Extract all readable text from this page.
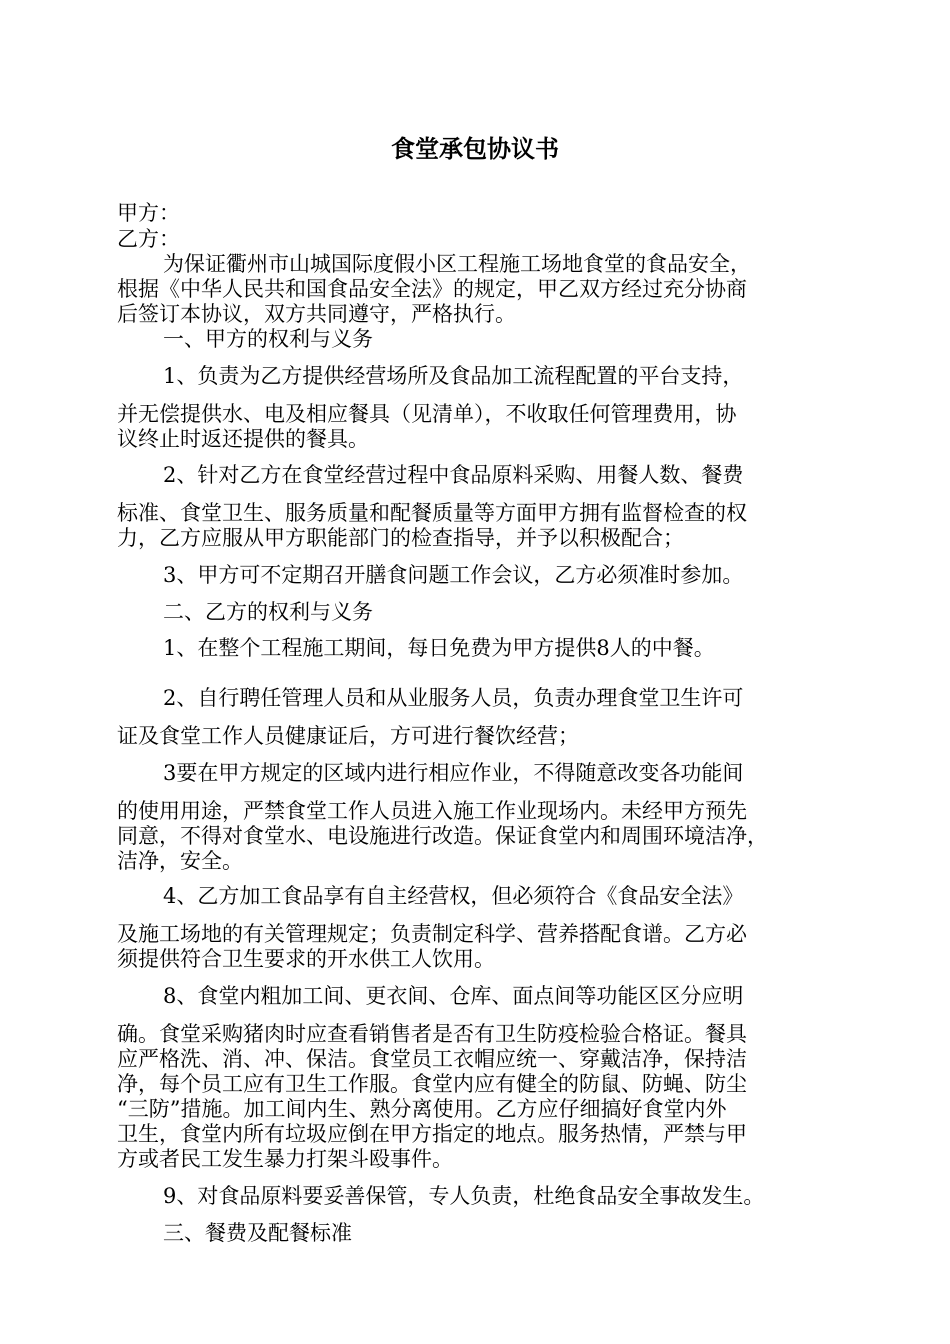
食堂承包协议书
甲方：
乙方：
为保证衢州市山城国际度假小区工程施工场地食堂的食品安全，
根据《中华人民共和国食品安全法》的规定，甲乙双方经过充分协商
后签订本协议，双方共同遵守，严格执行。
一、甲方的权利与义务
1、负责为乙方提供经营场所及食品加工流程配置的平台支持，
并无偿提供水、电及相应餐具（见清单），不收取任何管理费用，协
议终止时返还提供的餐具。
2、针对乙方在食堂经营过程中食品原料采购、用餐人数、餐费
标准、食堂卫生、服务质量和配餐质量等方面甲方拥有监督检查的权
力，乙方应服从甲方职能部门的检查指导，并予以积极配合；
3、甲方可不定期召开膳食问题工作会议，乙方必须准时参加。
二、乙方的权利与义务
1、在整个工程施工期间，每日免费为甲方提供8人的中餐。
2、自行聘任管理人员和从业服务人员，负责办理食堂卫生许可
证及食堂工作人员健康证后，方可进行餐饮经营；
3要在甲方规定的区域内进行相应作业，不得随意改变各功能间
的使用用途，严禁食堂工作人员进入施工作业现场内。未经甲方预先
同意，不得对食堂水、电设施进行改造。保证食堂内和周围环境洁净，
洁净，安全。
4、乙方加工食品享有自主经营权，但必须符合《食品安全法》
及施工场地的有关管理规定；负责制定科学、营养搭配食谱。乙方必
须提供符合卫生要求的开水供工人饮用。
8、食堂内粗加工间、更衣间、仓库、面点间等功能区区分应明
确。食堂采购猪肉时应查看销售者是否有卫生防疫检验合格证。餐具
应严格洗、消、冲、保洁。食堂员工衣帽应统一、穿戴洁净，保持洁
净，每个员工应有卫生工作服。食堂内应有健全的防鼠、防蝇、防尘
“三防”措施。加工间内生、熟分离使用。乙方应仔细搞好食堂内外
卫生，食堂内所有垃圾应倒在甲方指定的地点。服务热情，严禁与甲
方或者民工发生暴力打架斗殴事件。
9、对食品原料要妥善保管，专人负责，杜绝食品安全事故发生。
三、餐费及配餐标准
